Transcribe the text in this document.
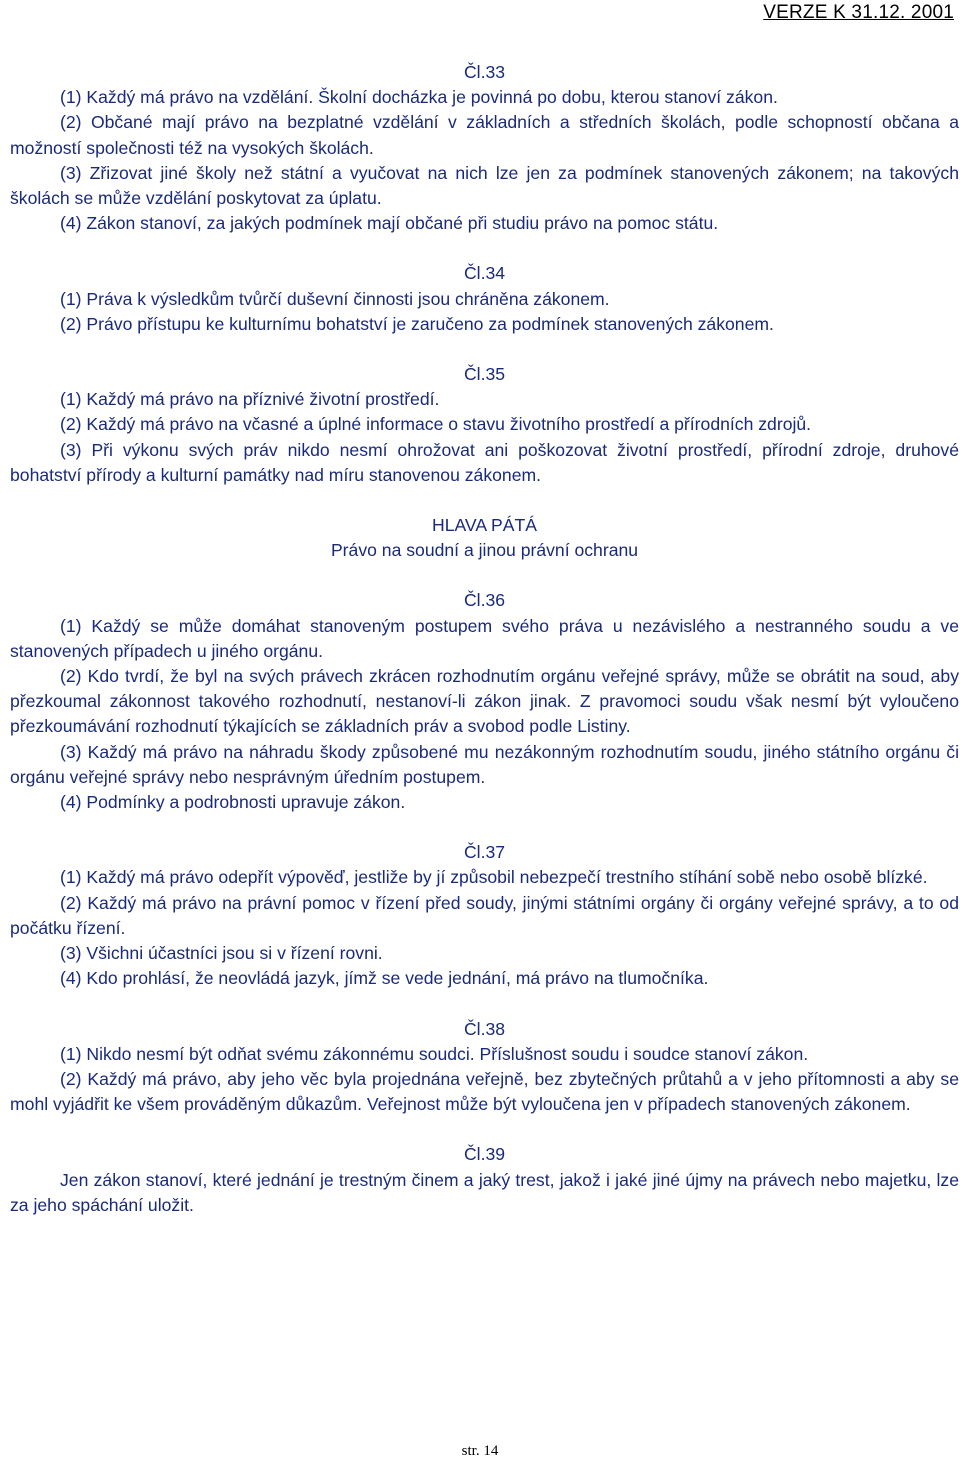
VERZE K 31.12. 2001

Čl.33

(1) Každý má právo na vzdělání. Školní docházka je povinná po dobu, kterou stanoví zákon.

(2) Občané mají právo na bezplatné vzdělání v základních a středních školách, podle schopností občana a možností společnosti též na vysokých školách.

(3) Zřizovat jiné školy než státní a vyučovat na nich lze jen za podmínek stanovených zákonem; na takových školách se může vzdělání poskytovat za úplatu.

(4) Zákon stanoví, za jakých podmínek mají občané při studiu právo na pomoc státu.

Čl.34

(1) Práva k výsledkům tvůrčí duševní činnosti jsou chráněna zákonem.

(2) Právo přístupu ke kulturnímu bohatství je zaručeno za podmínek stanovených zákonem.

Čl.35

(1) Každý má právo na příznivé životní prostředí.

(2) Každý má právo na včasné a úplné informace o stavu životního prostředí a přírodních zdrojů.

(3) Při výkonu svých práv nikdo nesmí ohrožovat ani poškozovat životní prostředí, přírodní zdroje, druhové bohatství přírody a kulturní památky nad míru stanovenou zákonem.

HLAVA PÁTÁ

Právo na soudní a jinou právní ochranu

Čl.36

(1) Každý se může domáhat stanoveným postupem svého práva u nezávislého a nestranného soudu a ve stanovených případech u jiného orgánu.

(2) Kdo tvrdí, že byl na svých právech zkrácen rozhodnutím orgánu veřejné správy, může se obrátit na soud, aby přezkoumal zákonnost takového rozhodnutí, nestanoví-li zákon jinak. Z pravomoci soudu však nesmí být vyloučeno přezkoumávání rozhodnutí týkajících se základních práv a svobod podle Listiny.

(3) Každý má právo na náhradu škody způsobené mu nezákonným rozhodnutím soudu, jiného státního orgánu či orgánu veřejné správy nebo nesprávným úředním postupem.

(4) Podmínky a podrobnosti upravuje zákon.

Čl.37

(1) Každý má právo odepřít výpověď, jestliže by jí způsobil nebezpečí trestního stíhání sobě nebo osobě blízké.

(2) Každý má právo na právní pomoc v řízení před soudy, jinými státními orgány či orgány veřejné správy, a to od počátku řízení.

(3) Všichni účastníci jsou si v řízení rovni.

(4) Kdo prohlásí, že neovládá jazyk, jímž se vede jednání, má právo na tlumočníka.

Čl.38

(1) Nikdo nesmí být odňat svému zákonnému soudci. Příslušnost soudu i soudce stanoví zákon.

(2) Každý má právo, aby jeho věc byla projednána veřejně, bez zbytečných průtahů a v jeho přítomnosti a aby se mohl vyjádřit ke všem prováděným důkazům. Veřejnost může být vyloučena jen v případech stanovených zákonem.

Čl.39

Jen zákon stanoví, které jednání je trestným činem a jaký trest, jakož i jaké jiné újmy na právech nebo majetku, lze za jeho spáchání uložit.

str. 14
